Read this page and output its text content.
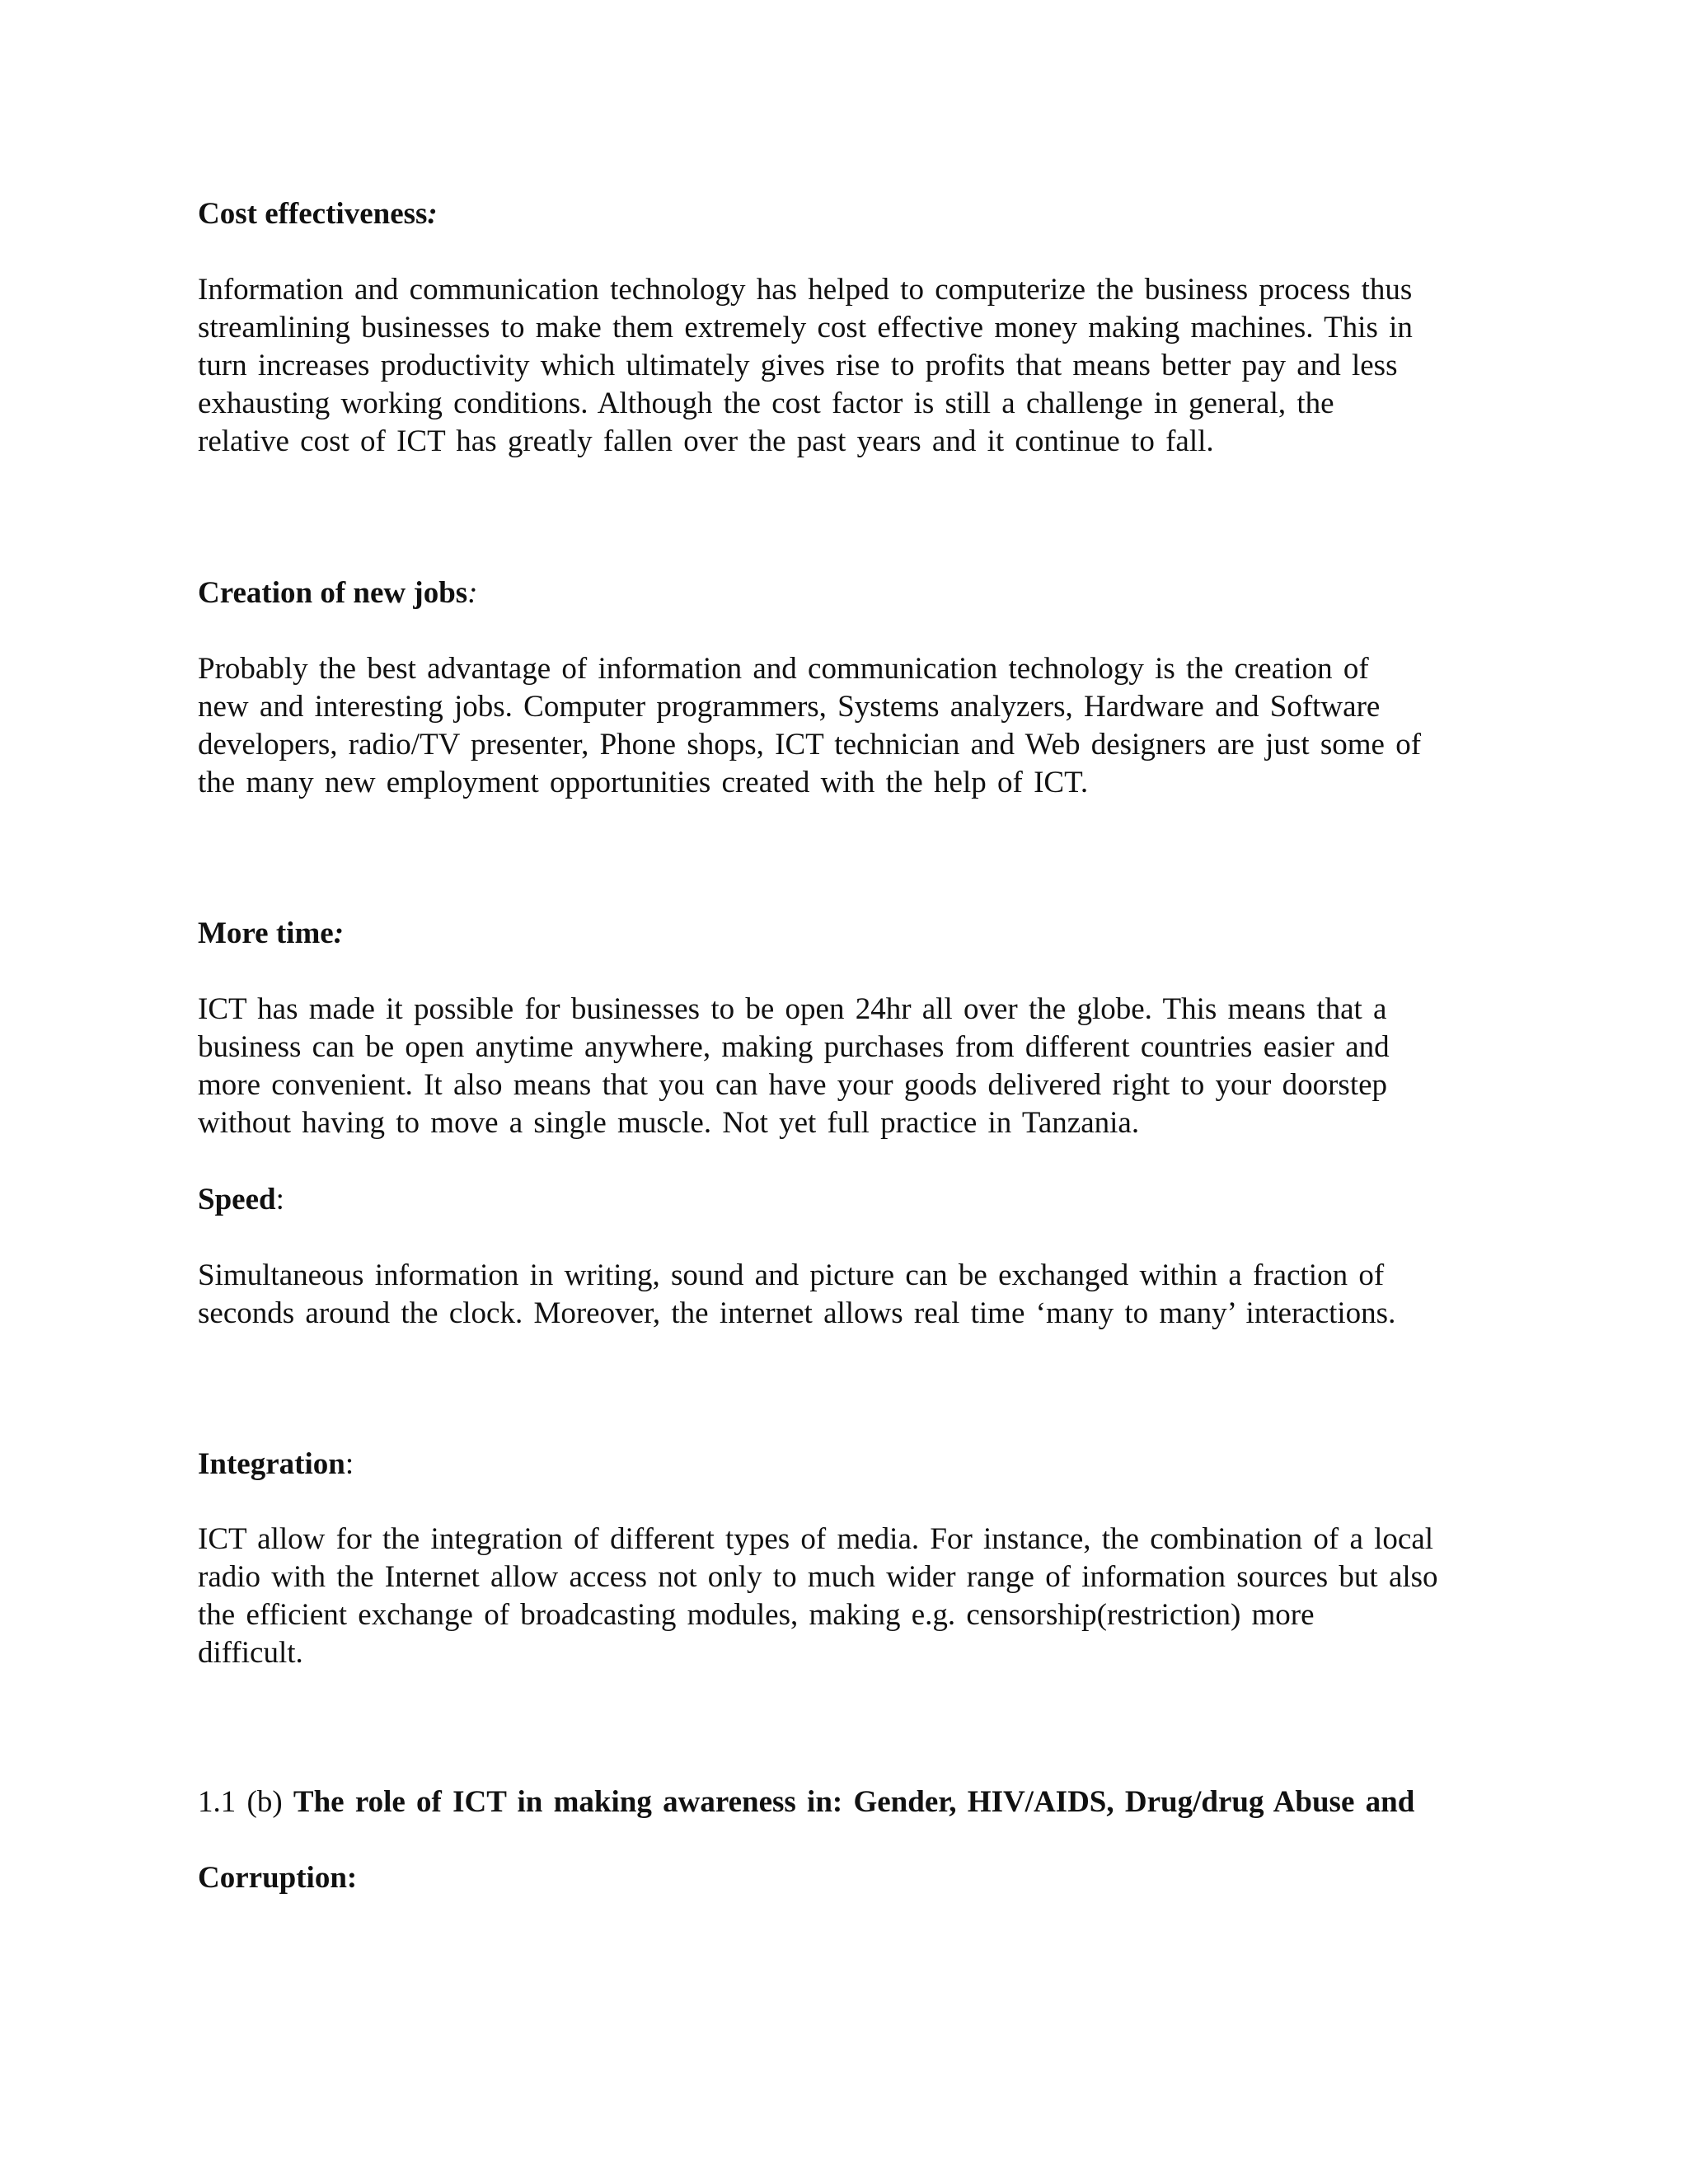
Cost effectiveness:
Information and communication technology has helped to computerize the business process thus
streamlining businesses to make them extremely cost effective money making machines. This in
turn increases productivity which ultimately gives rise to profits that means better pay and less
exhausting working conditions. Although the cost factor is still a challenge in general, the
relative cost of ICT has greatly fallen over the past years and it continue to fall.
Creation of new jobs:
Probably the best advantage of information and communication technology is the creation of
new and interesting jobs. Computer programmers, Systems analyzers, Hardware and Software
developers, radio/TV presenter, Phone shops, ICT technician and Web designers are just some of
the many new employment opportunities created with the help of ICT.
More time:
ICT has made it possible for businesses to be open 24hr all over the globe. This means that a
business can be open anytime anywhere, making purchases from different countries easier and
more convenient. It also means that you can have your goods delivered right to your doorstep
without having to move a single muscle. Not yet full practice in Tanzania.
Speed:
Simultaneous information in writing, sound and picture can be exchanged within a fraction of
seconds around the clock. Moreover, the internet allows real time ‘many to many’ interactions.
Integration:
ICT allow for the integration of different types of media. For instance, the combination of a local
radio with the Internet allow access not only to much wider range of information sources but also
the efficient exchange of broadcasting modules, making e.g. censorship(restriction) more
difficult.
1.1 (b) The role of ICT in making awareness in: Gender, HIV/AIDS, Drug/drug Abuse and
Corruption:
